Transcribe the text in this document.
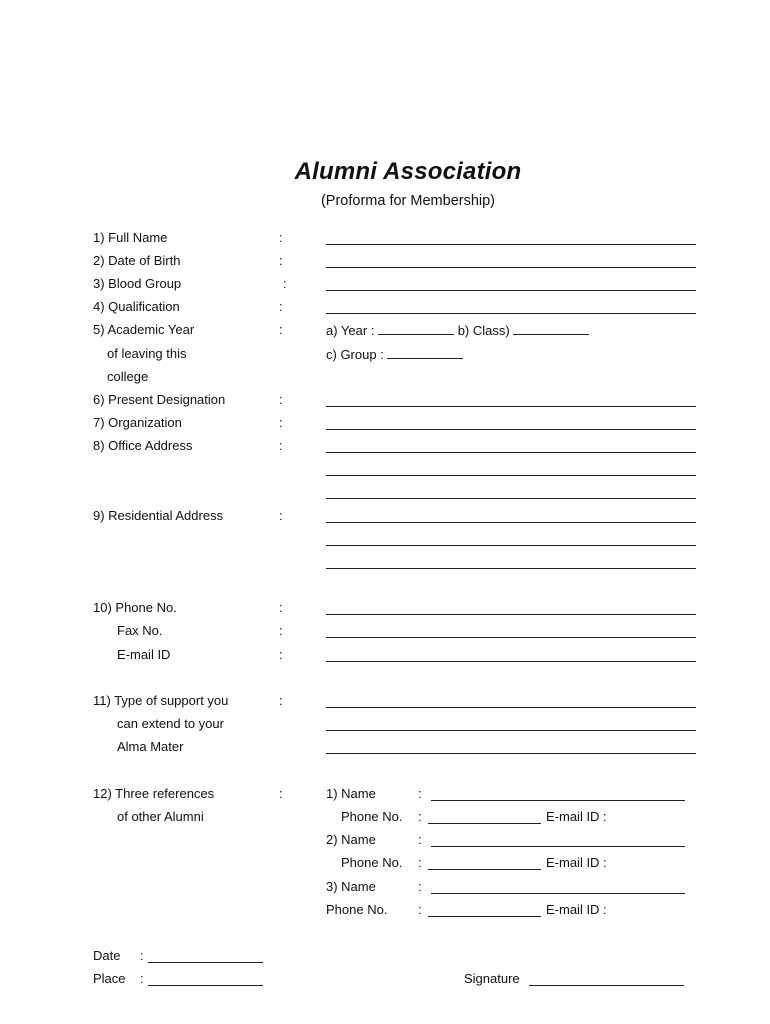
Alumni Association
(Proforma for Membership)
1) Full Name	:
2) Date of Birth	:
3) Blood Group	:
4) Qualification	:
5) Academic Year
of leaving this
college
:	a) Year :	b) Class)
c) Group :
6) Present Designation	:
7) Organization	:
8) Office Address	:
9) Residential Address	:
10) Phone No.	:
Fax No.	:
E-mail ID	:
11) Type of support you
can extend to your
Alma Mater
:
12) Three references
of other Alumni
:	1) Name	:
Phone No. :	E-mail ID :
2) Name	:
Phone No. :	E-mail ID :
3) Name	:
Phone No. :	E-mail ID :
Date :
Place :	Signature
